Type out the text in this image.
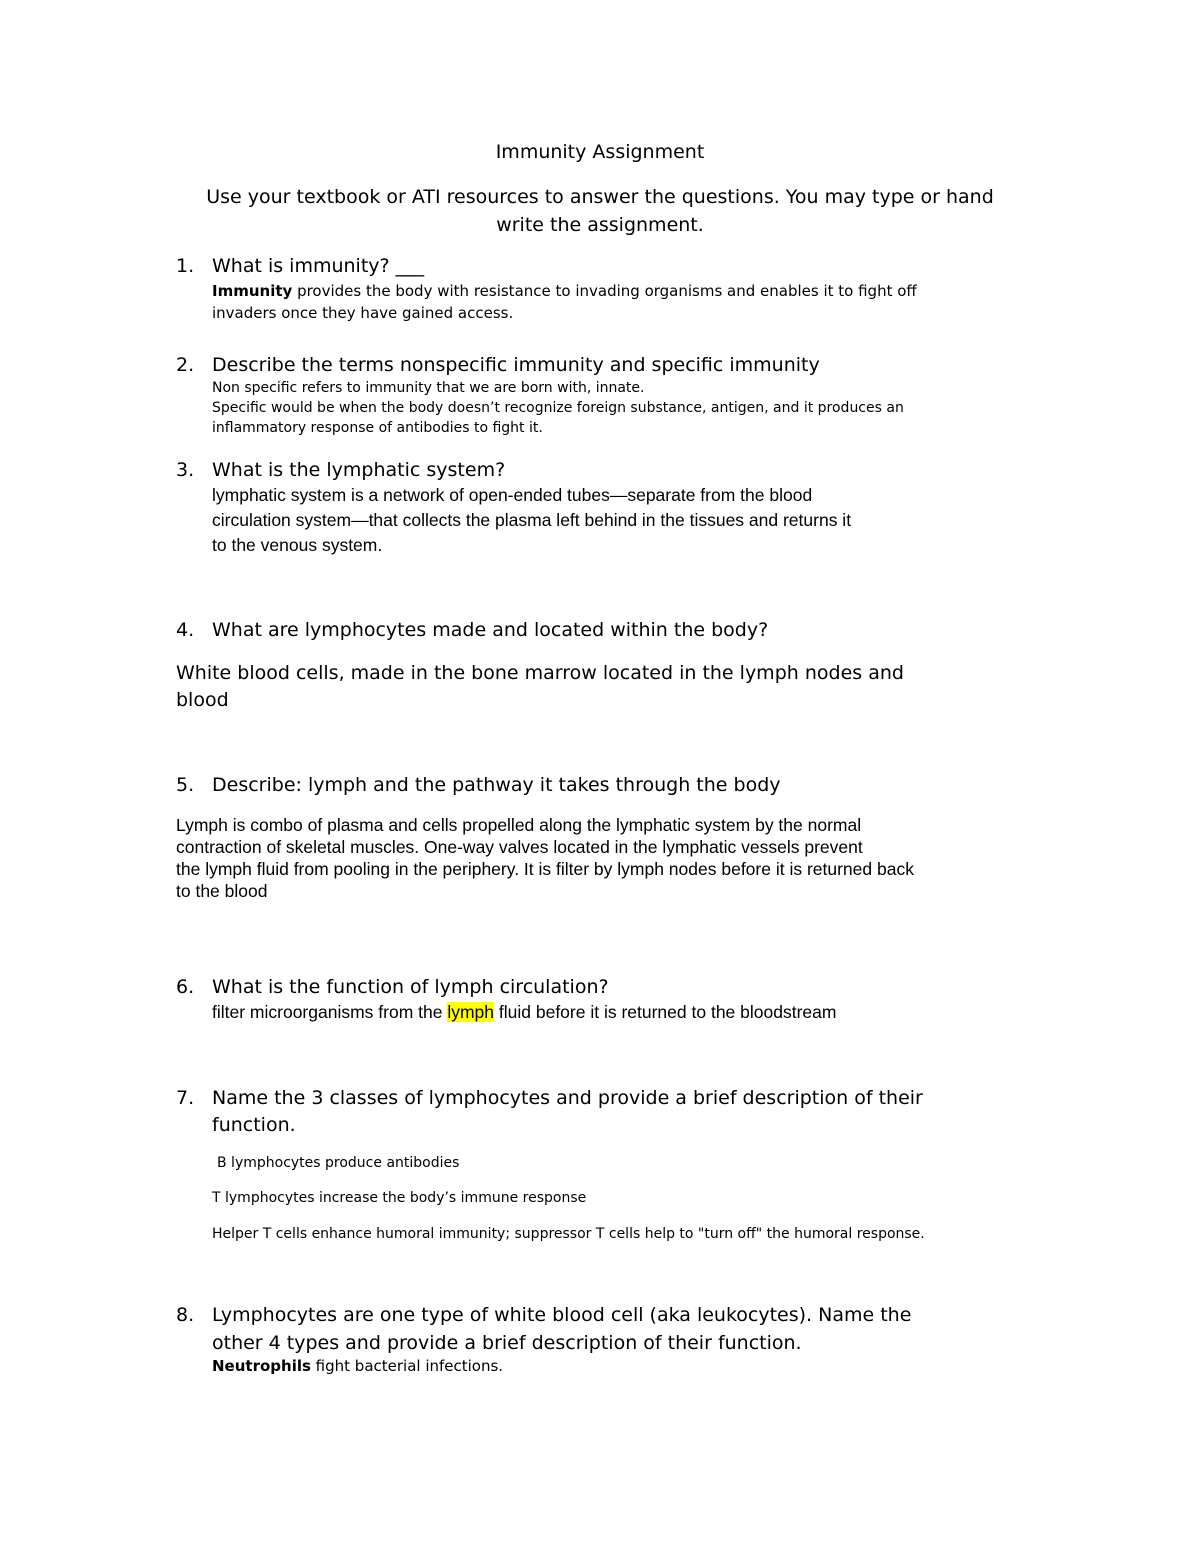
Immunity Assignment
Use your textbook or ATI resources to answer the questions. You may type or hand
write the assignment.
1. What is immunity? ___
Immunity provides the body with resistance to invading organisms and enables it to fight off
invaders once they have gained access.
2. Describe the terms nonspecific immunity and specific immunity
Non specific refers to immunity that we are born with, innate.
Specific would be when the body doesn’t recognize foreign substance, antigen, and it produces an
inflammatory response of antibodies to fight it.
3. What is the lymphatic system?
lymphatic system is a network of open-ended tubes—separate from the blood
circulation system—that collects the plasma left behind in the tissues and returns it
to the venous system.
4. What are lymphocytes made and located within the body?
White blood cells, made in the bone marrow located in the lymph nodes and
blood
5. Describe: lymph and the pathway it takes through the body
Lymph is combo of plasma and cells propelled along the lymphatic system by the normal
contraction of skeletal muscles. One-way valves located in the lymphatic vessels prevent
the lymph fluid from pooling in the periphery. It is filter by lymph nodes before it is returned back
to the blood
6. What is the function of lymph circulation?
filter microorganisms from the lymph fluid before it is returned to the bloodstream
7. Name the 3 classes of lymphocytes and provide a brief description of their
function.
B lymphocytes produce antibodies
T lymphocytes increase the body’s immune response
Helper T cells enhance humoral immunity; suppressor T cells help to "turn off" the humoral response.
8. Lymphocytes are one type of white blood cell (aka leukocytes). Name the
other 4 types and provide a brief description of their function.
Neutrophils fight bacterial infections.
